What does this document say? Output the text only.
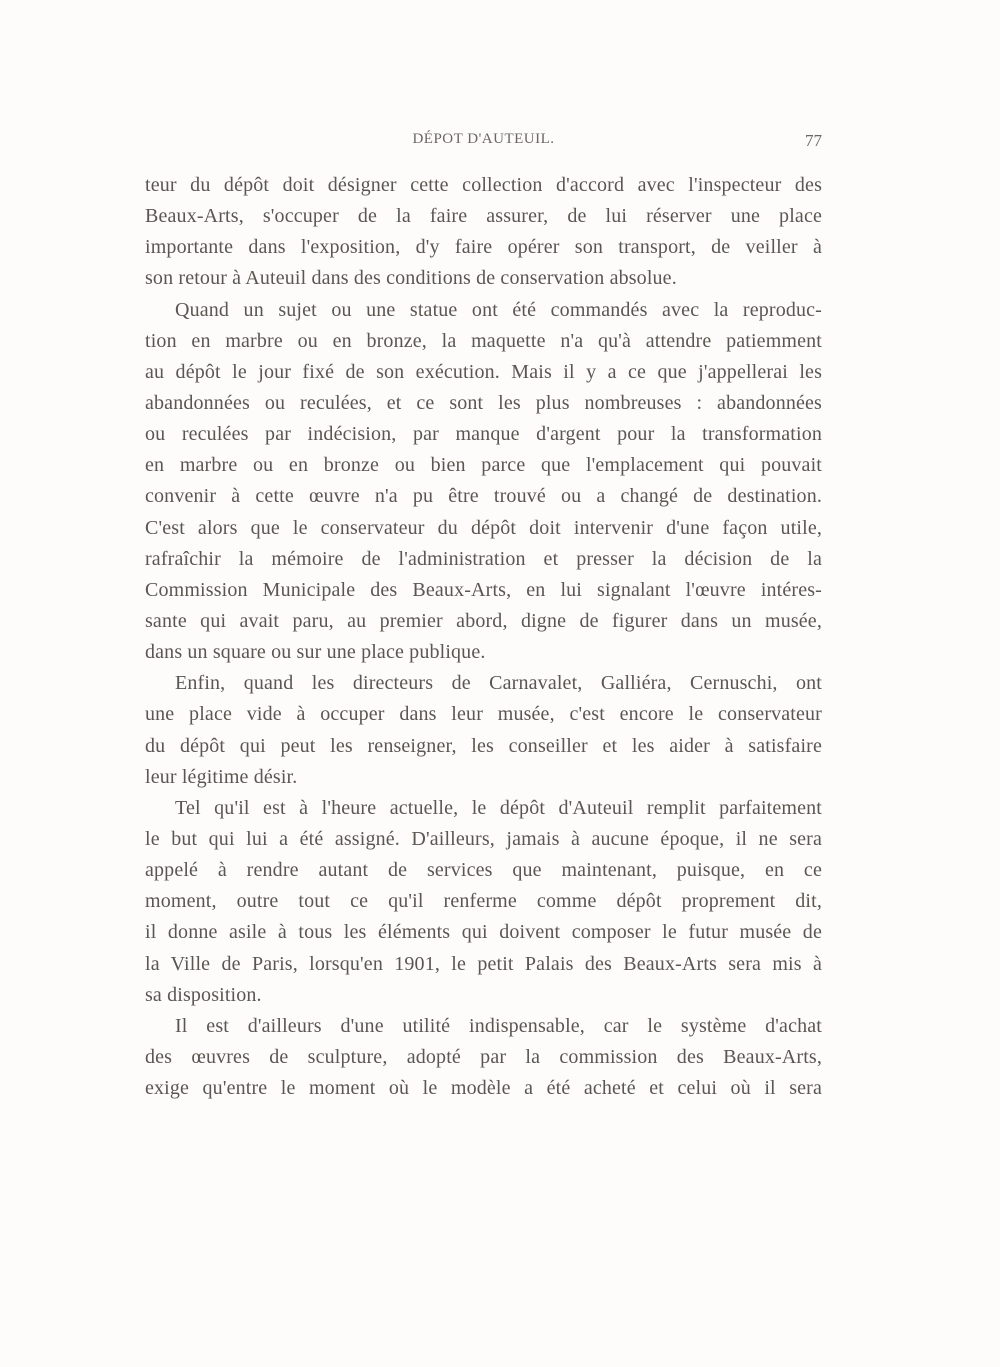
DÉPOT D'AUTEUIL.	77
teur du dépôt doit désigner cette collection d'accord avec l'inspecteur des
Beaux-Arts, s'occuper de la faire assurer, de lui réserver une place
importante dans l'exposition, d'y faire opérer son transport, de veiller à
son retour à Auteuil dans des conditions de conservation absolue.
Quand un sujet ou une statue ont été commandés avec la reproduc-
tion en marbre ou en bronze, la maquette n'a qu'à attendre patiemment
au dépôt le jour fixé de son exécution. Mais il y a ce que j'appellerai les
abandonnées ou reculées, et ce sont les plus nombreuses : abandonnées
ou reculées par indécision, par manque d'argent pour la transformation
en marbre ou en bronze ou bien parce que l'emplacement qui pouvait
convenir à cette œuvre n'a pu être trouvé ou a changé de destination.
C'est alors que le conservateur du dépôt doit intervenir d'une façon utile,
rafraîchir la mémoire de l'administration et presser la décision de la
Commission Municipale des Beaux-Arts, en lui signalant l'œuvre intéres-
sante qui avait paru, au premier abord, digne de figurer dans un musée,
dans un square ou sur une place publique.
Enfin, quand les directeurs de Carnavalet, Galliéra, Cernuschi, ont
une place vide à occuper dans leur musée, c'est encore le conservateur
du dépôt qui peut les renseigner, les conseiller et les aider à satisfaire
leur légitime désir.
Tel qu'il est à l'heure actuelle, le dépôt d'Auteuil remplit parfaitement
le but qui lui a été assigné. D'ailleurs, jamais à aucune époque, il ne sera
appelé à rendre autant de services que maintenant, puisque, en ce
moment, outre tout ce qu'il renferme comme dépôt proprement dit,
il donne asile à tous les éléments qui doivent composer le futur musée de
la Ville de Paris, lorsqu'en 1901, le petit Palais des Beaux-Arts sera mis à
sa disposition.
Il est d'ailleurs d'une utilité indispensable, car le système d'achat
des œuvres de sculpture, adopté par la commission des Beaux-Arts,
exige qu'entre le moment où le modèle a été acheté et celui où il sera
